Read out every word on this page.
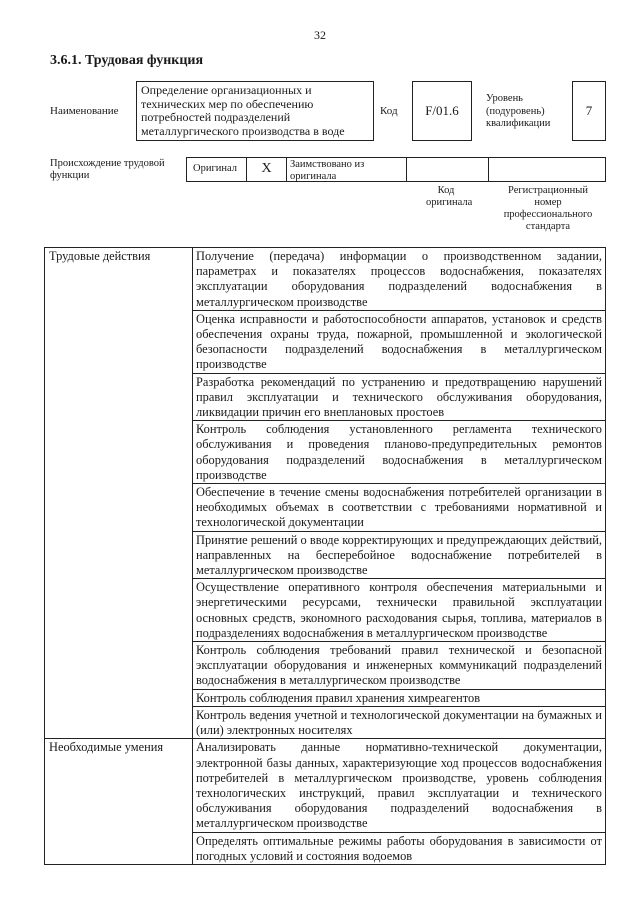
32
3.6.1. Трудовая функция
Наименование
Определение организационных и технических мер по обеспечению потребностей подразделений металлургического производства в воде
Код	F/01.6
Уровень (подуровень) квалификации
7
Происхождение трудовой функции
Оригинал	X	Заимствовано из оригинала
Код оригинала
Регистрационный номер профессионального стандарта
Трудовые действия	Получение (передача) информации о производственном задании, параметрах и показателях процессов водоснабжения, показателях эксплуатации оборудования подразделений водоснабжения в металлургическом производстве
	Оценка исправности и работоспособности аппаратов, установок и средств обеспечения охраны труда, пожарной, промышленной и экологической безопасности подразделений водоснабжения в металлургическом производстве
	Разработка рекомендаций по устранению и предотвращению нарушений правил эксплуатации и технического обслуживания оборудования, ликвидации причин его внеплановых простоев
	Контроль соблюдения установленного регламента технического обслуживания и проведения планово-предупредительных ремонтов оборудования подразделений водоснабжения в металлургическом производстве
	Обеспечение в течение смены водоснабжения потребителей организации в необходимых объемах в соответствии с требованиями нормативной и технологической документации
	Принятие решений о вводе корректирующих и предупреждающих действий, направленных на бесперебойное водоснабжение потребителей в металлургическом производстве
	Осуществление оперативного контроля обеспечения материальными и энергетическими ресурсами, технически правильной эксплуатации основных средств, экономного расходования сырья, топлива, материалов в подразделениях водоснабжения в металлургическом производстве
	Контроль соблюдения требований правил технической и безопасной эксплуатации оборудования и инженерных коммуникаций подразделений водоснабжения в металлургическом производстве
	Контроль соблюдения правил хранения химреагентов
	Контроль ведения учетной и технологической документации на бумажных и (или) электронных носителях
Необходимые умения	Анализировать данные нормативно-технической документации, электронной базы данных, характеризующие ход процессов водоснабжения потребителей в металлургическом производстве, уровень соблюдения технологических инструкций, правил эксплуатации и технического обслуживания оборудования подразделений водоснабжения в металлургическом производстве
	Определять оптимальные режимы работы оборудования в зависимости от погодных условий и состояния водоемов
